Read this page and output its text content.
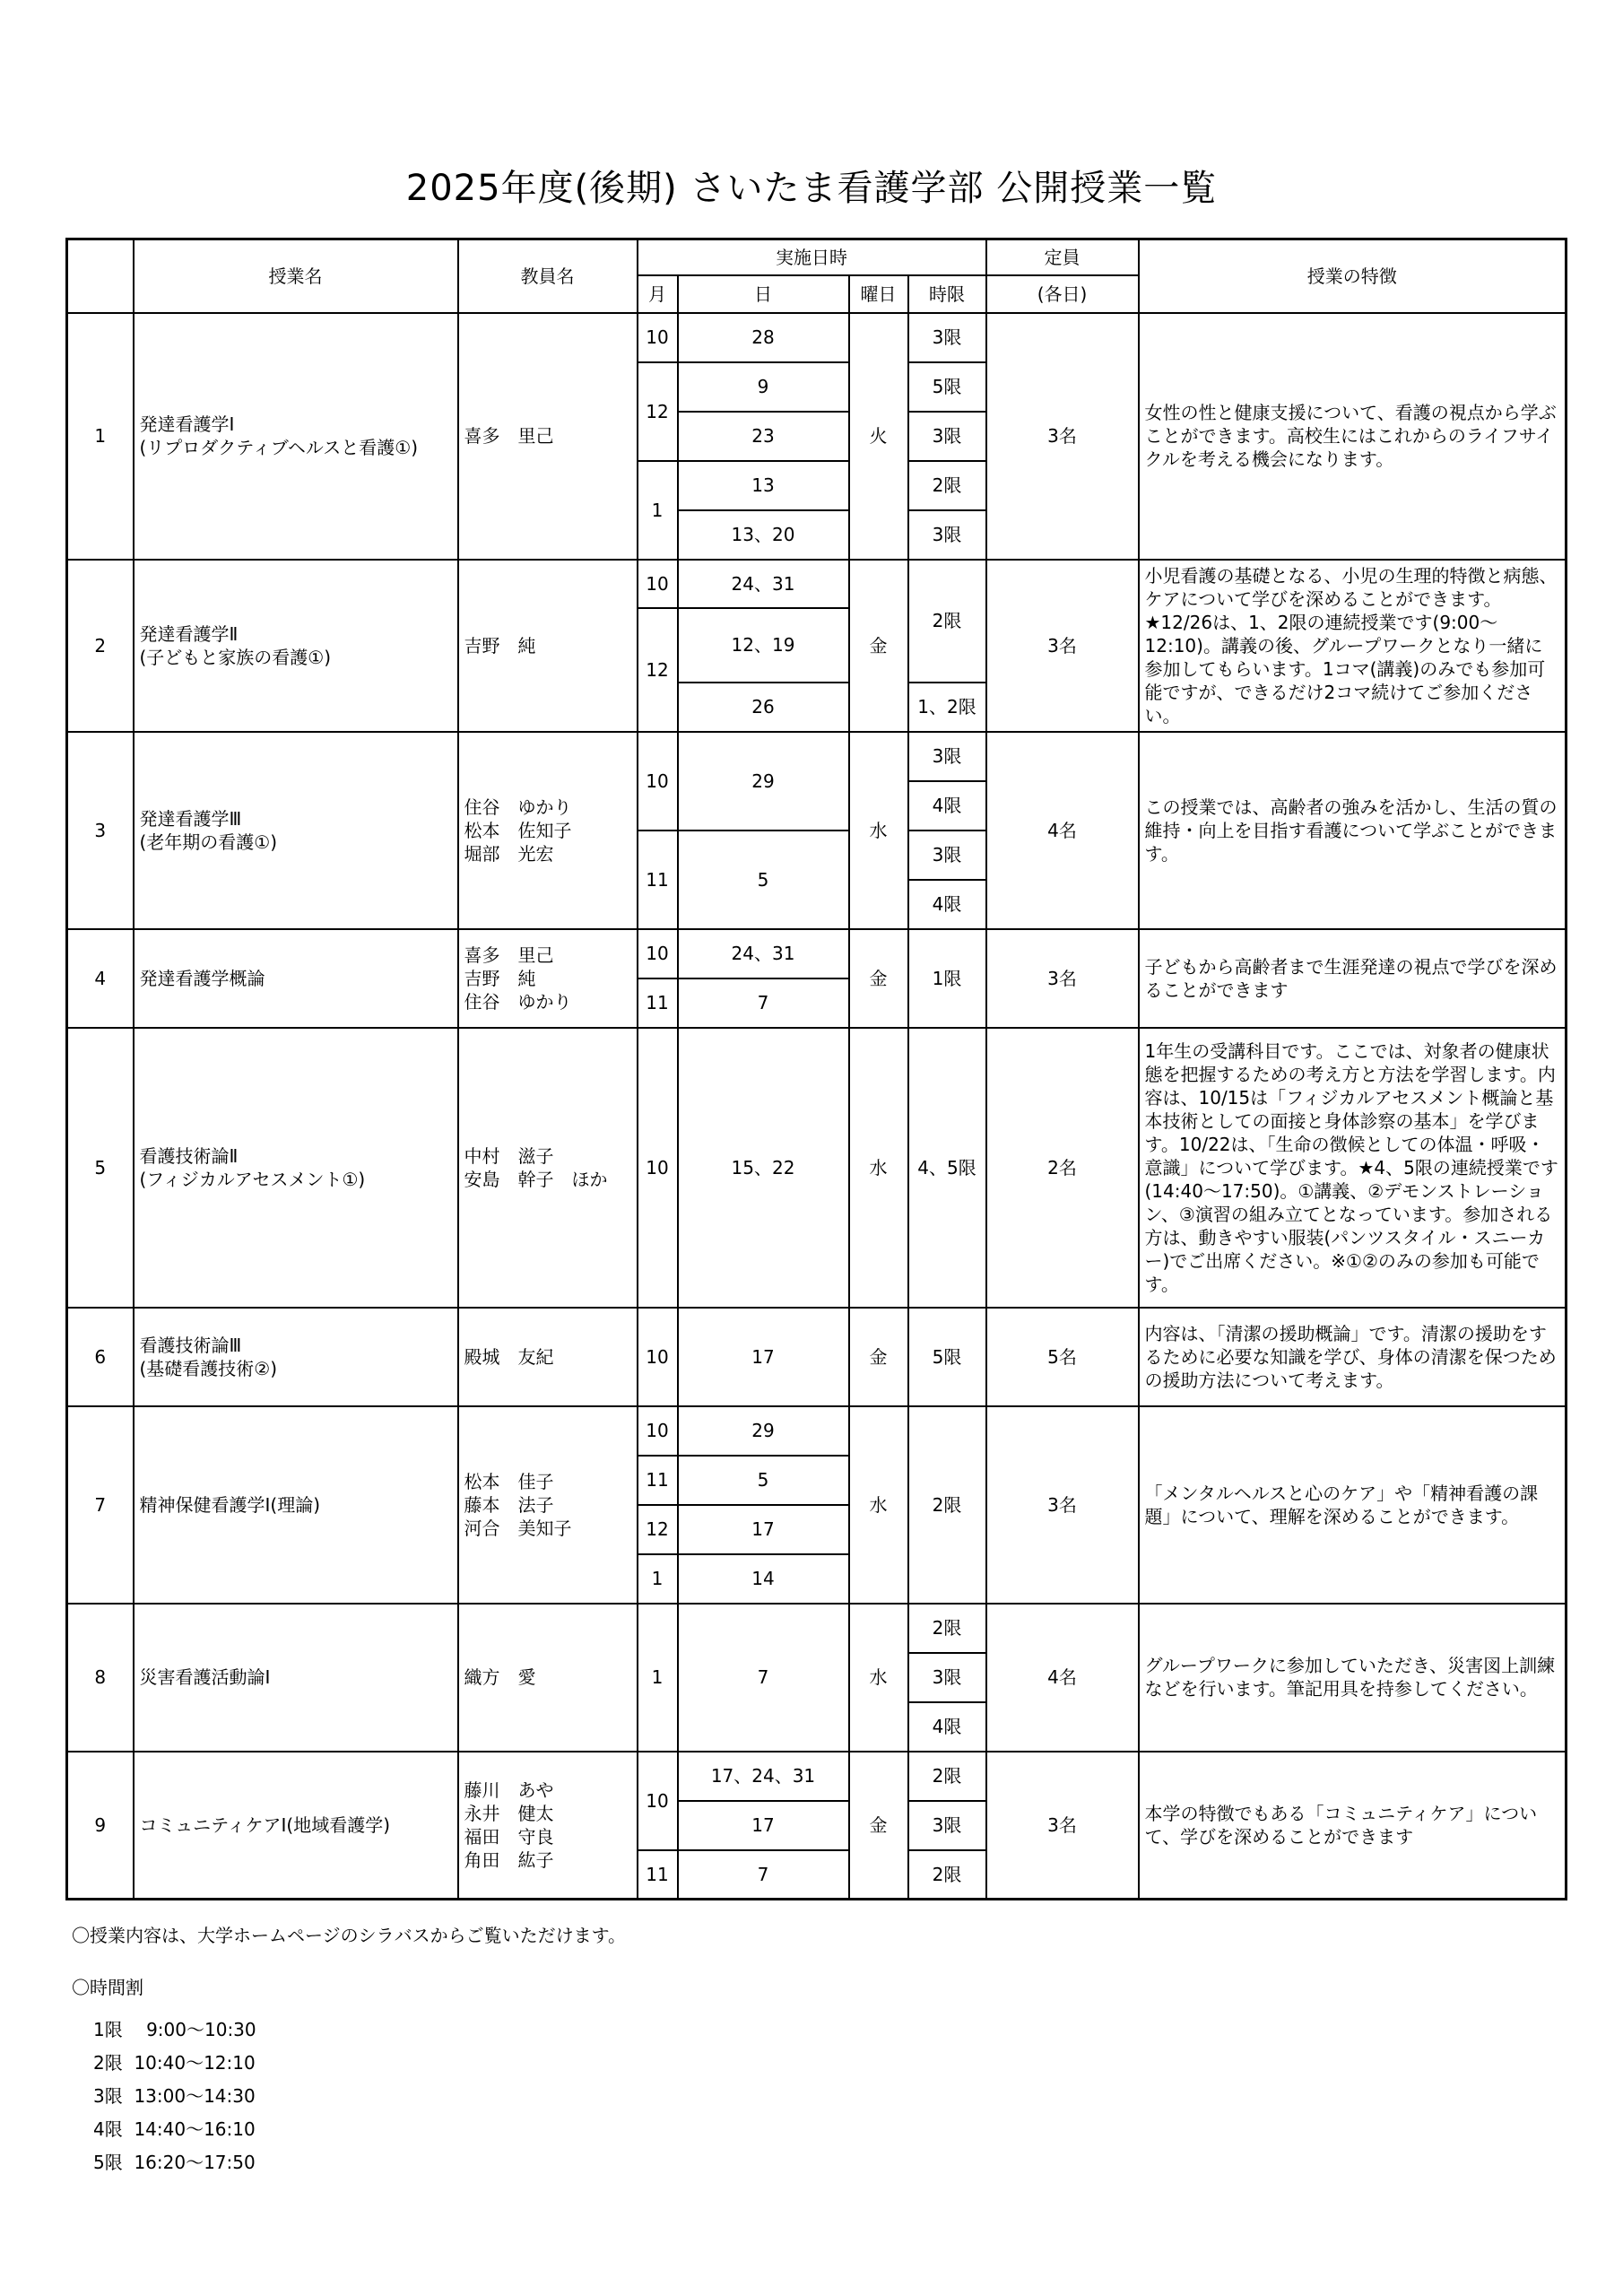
2025年度(後期) さいたま看護学部 公開授業一覧
	授業名	教員名	実施日時				定員	授業の特徴
			月	日	曜日	時限	(各日)	
1	発達看護学Ⅰ
(リプロダクティブヘルスと看護①)	喜多　里己	10	28	火	3限	3名	女性の性と健康支援について、看護の視点から学ぶことができます。高校生にはこれからのライフサイクルを考える機会になります。
			12	9		5限		
				23		3限		
			1	13		2限		
				13、20		3限		
2	発達看護学Ⅱ
(子どもと家族の看護①)	吉野　純	10	24、31	金	2限	3名	小児看護の基礎となる、小児の生理的特徴と病態、ケアについて学びを深めることができます。★12/26は、1、2限の連続授業です(9:00〜12:10)。講義の後、グループワークとなり一緒に参加してもらいます。1コマ(講義)のみでも参加可能ですが、できるだけ2コマ続けてご参加ください。
			12	12、19				
				26		1、2限		
3	発達看護学Ⅲ
(老年期の看護①)	住谷　ゆかり
松本　佐知子
堀部　光宏	10	29	水	3限	4名	この授業では、高齢者の強みを活かし、生活の質の維持・向上を目指す看護について学ぶことができます。
						4限		
			11	5		3限		
						4限		
4	発達看護学概論	喜多　里己
吉野　純
住谷　ゆかり	10	24、31	金	1限	3名	子どもから高齢者まで生涯発達の視点で学びを深めることができます
			11	7				
5	看護技術論Ⅱ
(フィジカルアセスメント①)	中村　滋子
安島　幹子　ほか	10	15、22	水	4、5限	2名	1年生の受講科目です。ここでは、対象者の健康状態を把握するための考え方と方法を学習します。内容は、10/15は「フィジカルアセスメント概論と基本技術としての面接と身体診察の基本」を学びます。10/22は、「生命の徴候としての体温・呼吸・意識」について学びます。★4、5限の連続授業です(14:40〜17:50)。①講義、②デモンストレーション、③演習の組み立てとなっています。参加される方は、動きやすい服装(パンツスタイル・スニーカー)でご出席ください。※①②のみの参加も可能です。
6	看護技術論Ⅲ
(基礎看護技術②)	殿城　友紀	10	17	金	5限	5名	内容は、「清潔の援助概論」です。清潔の援助をするために必要な知識を学び、身体の清潔を保つための援助方法について考えます。
7	精神保健看護学Ⅰ(理論)	松本　佳子
藤本　法子
河合　美知子	10	29	水	2限	3名	「メンタルヘルスと心のケア」や「精神看護の課題」について、理解を深めることができます。
			11	5				
			12	17				
			1	14				
8	災害看護活動論Ⅰ	織方　愛	1	7	水	2限	4名	グループワークに参加していただき、災害図上訓練などを行います。筆記用具を持参してください。
						3限		
						4限		
9	コミュニティケアⅠ(地域看護学)	藤川　あや
永井　健太
福田　守良
角田　紘子	10	17、24、31	金	2限	3名	本学の特徴でもある「コミュニティケア」について、学びを深めることができます
				17		3限		
			11	7		2限		
〇授業内容は、大学ホームページのシラバスからご覧いただけます。
〇時間割
1限　 9:00〜10:30
2限  10:40〜12:10
3限  13:00〜14:30
4限  14:40〜16:10
5限  16:20〜17:50
